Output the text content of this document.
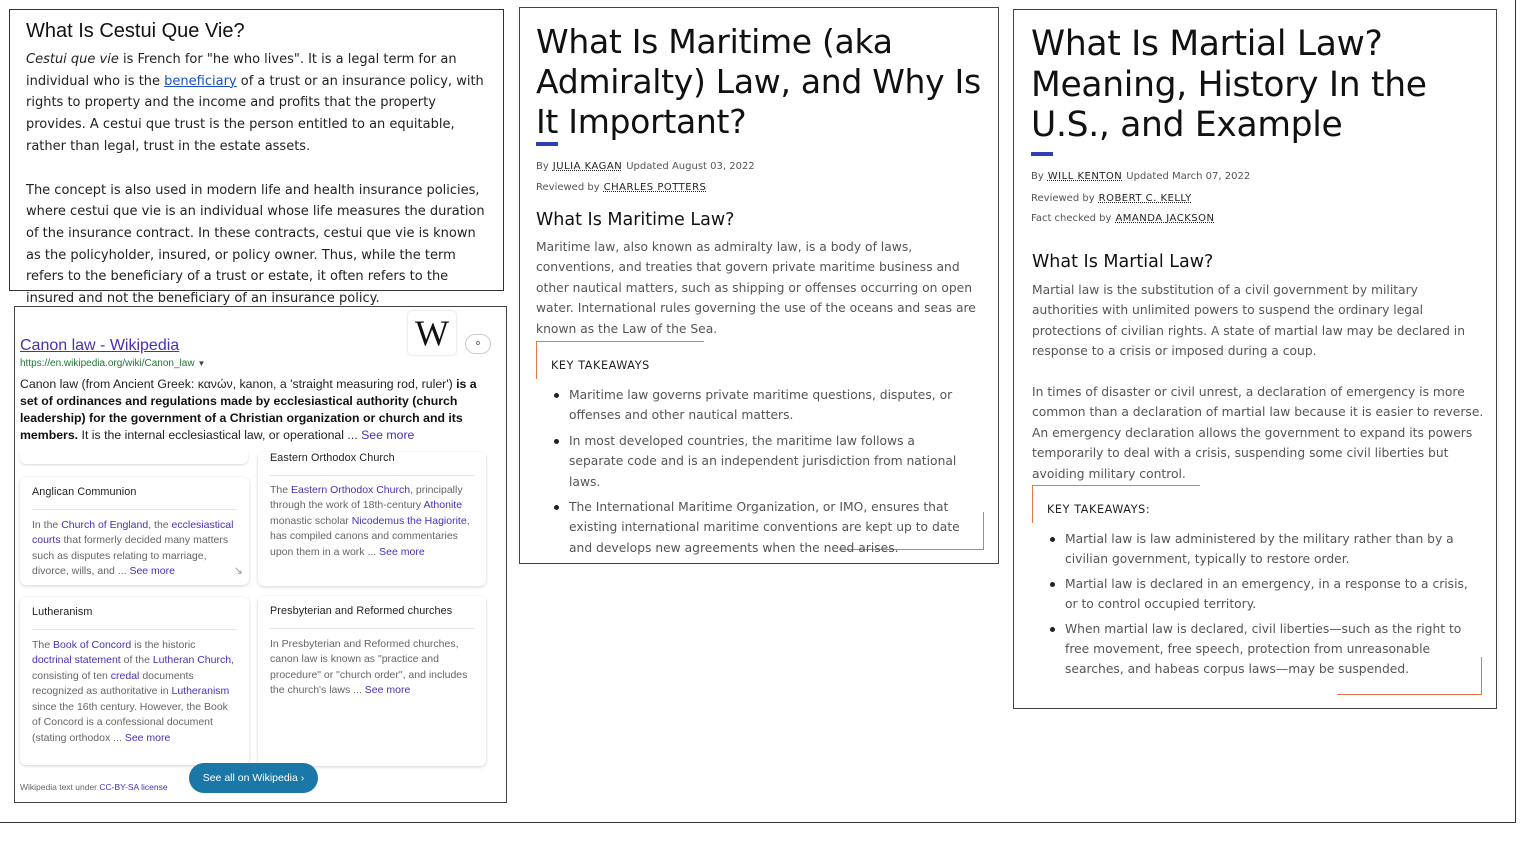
What Is Cestui Que Vie?

Cestui que vie is French for "he who lives". It is a legal term for an individual who is the beneficiary of a trust or an insurance policy, with rights to property and the income and profits that the property provides. A cestui que trust is the person entitled to an equitable, rather than legal, trust in the estate assets.

The concept is also used in modern life and health insurance policies, where cestui que vie is an individual whose life measures the duration of the insurance contract. In these contracts, cestui que vie is known as the policyholder, insured, or policy owner. Thus, while the term refers to the beneficiary of a trust or estate, it often refers to the insured and not the beneficiary of an insurance policy.

W	⚬
Canon law - Wikipedia
https://en.wikipedia.org/wiki/Canon_law ▼
Canon law (from Ancient Greek: κανών, kanon, a 'straight measuring rod, ruler') is a set of ordinances and regulations made by ecclesiastical authority (church leadership) for the government of a Christian organization or church and its members. It is the internal ecclesiastical law, or operational ... See more
Anglican Communion
In the Church of England, the ecclesiastical courts that formerly decided many matters such as disputes relating to marriage, divorce, wills, and ... See more	↘
Eastern Orthodox Church
The Eastern Orthodox Church, principally through the work of 18th-century Athonite monastic scholar Nicodemus the Hagiorite, has compiled canons and commentaries upon them in a work ... See more
Lutheranism
The Book of Concord is the historic doctrinal statement of the Lutheran Church, consisting of ten credal documents recognized as authoritative in Lutheranism since the 16th century. However, the Book of Concord is a confessional document (stating orthodox ... See more
Presbyterian and Reformed churches
In Presbyterian and Reformed churches, canon law is known as "practice and procedure" or "church order", and includes the church's laws ... See more
See all on Wikipedia ›
Wikipedia text under CC-BY-SA license
What Is Maritime (aka Admiralty) Law, and Why Is It Important?
By JULIA KAGAN Updated August 03, 2022
Reviewed by CHARLES POTTERS
What Is Maritime Law?

Maritime law, also known as admiralty law, is a body of laws, conventions, and treaties that govern private maritime business and other nautical matters, such as shipping or offenses occurring on open water. International rules governing the use of the oceans and seas are known as the Law of the Sea.

KEY TAKEAWAYS
Maritime law governs private maritime questions, disputes, or offenses and other nautical matters.
In most developed countries, the maritime law follows a separate code and is an independent jurisdiction from national laws.
The International Maritime Organization, or IMO, ensures that existing international maritime conventions are kept up to date and develops new agreements when the need arises.
What Is Martial Law? Meaning, History In the U.S., and Example
By WILL KENTON Updated March 07, 2022
Reviewed by ROBERT C. KELLY
Fact checked by AMANDA JACKSON
What Is Martial Law?

Martial law is the substitution of a civil government by military authorities with unlimited powers to suspend the ordinary legal protections of civilian rights. A state of martial law may be declared in response to a crisis or imposed during a coup.

In times of disaster or civil unrest, a declaration of emergency is more common than a declaration of martial law because it is easier to reverse. An emergency declaration allows the government to expand its powers temporarily to deal with a crisis, suspending some civil liberties but avoiding military control.

KEY TAKEAWAYS:
Martial law is law administered by the military rather than by a civilian government, typically to restore order.
Martial law is declared in an emergency, in a response to a crisis, or to control occupied territory.
When martial law is declared, civil liberties—such as the right to free movement, free speech, protection from unreasonable searches, and habeas corpus laws—may be suspended.
